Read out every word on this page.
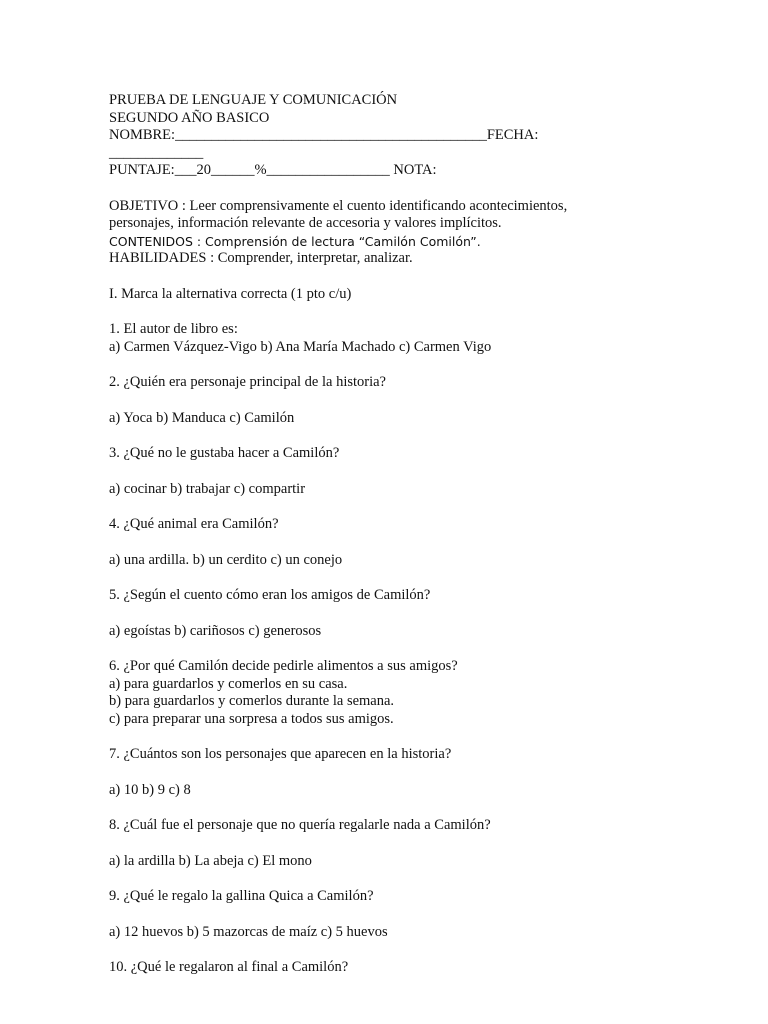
PRUEBA DE LENGUAJE Y COMUNICACIÓN
SEGUNDO AÑO BASICO
NOMBRE:___________________________________________FECHA:
_____________
PUNTAJE:___20______%_________________ NOTA:
OBJETIVO : Leer comprensivamente el cuento identificando acontecimientos,
personajes, información relevante de accesoria y valores implícitos.
CONTENIDOS : Comprensión de lectura “Camilón Comilón”.
HABILIDADES : Comprender, interpretar, analizar.
I. Marca la alternativa correcta (1 pto c/u)
1. El autor de libro es:
a) Carmen Vázquez-Vigo b) Ana María Machado c) Carmen Vigo
2. ¿Quién era personaje principal de la historia?
a) Yoca b) Manduca c) Camilón
3. ¿Qué no le gustaba hacer a Camilón?
a) cocinar b) trabajar c) compartir
4. ¿Qué animal era Camilón?
a) una ardilla. b) un cerdito c) un conejo
5. ¿Según el cuento cómo eran los amigos de Camilón?
a) egoístas b) cariñosos c) generosos
6. ¿Por qué Camilón decide pedirle alimentos a sus amigos?
a) para guardarlos y comerlos en su casa.
b) para guardarlos y comerlos durante la semana.
c) para preparar una sorpresa a todos sus amigos.
7. ¿Cuántos son los personajes que aparecen en la historia?
a) 10 b) 9 c) 8
8. ¿Cuál fue el personaje que no quería regalarle nada a Camilón?
a) la ardilla b) La abeja c) El mono
9. ¿Qué le regalo la gallina Quica a Camilón?
a) 12 huevos b) 5 mazorcas de maíz c) 5 huevos
10. ¿Qué le regalaron al final a Camilón?
